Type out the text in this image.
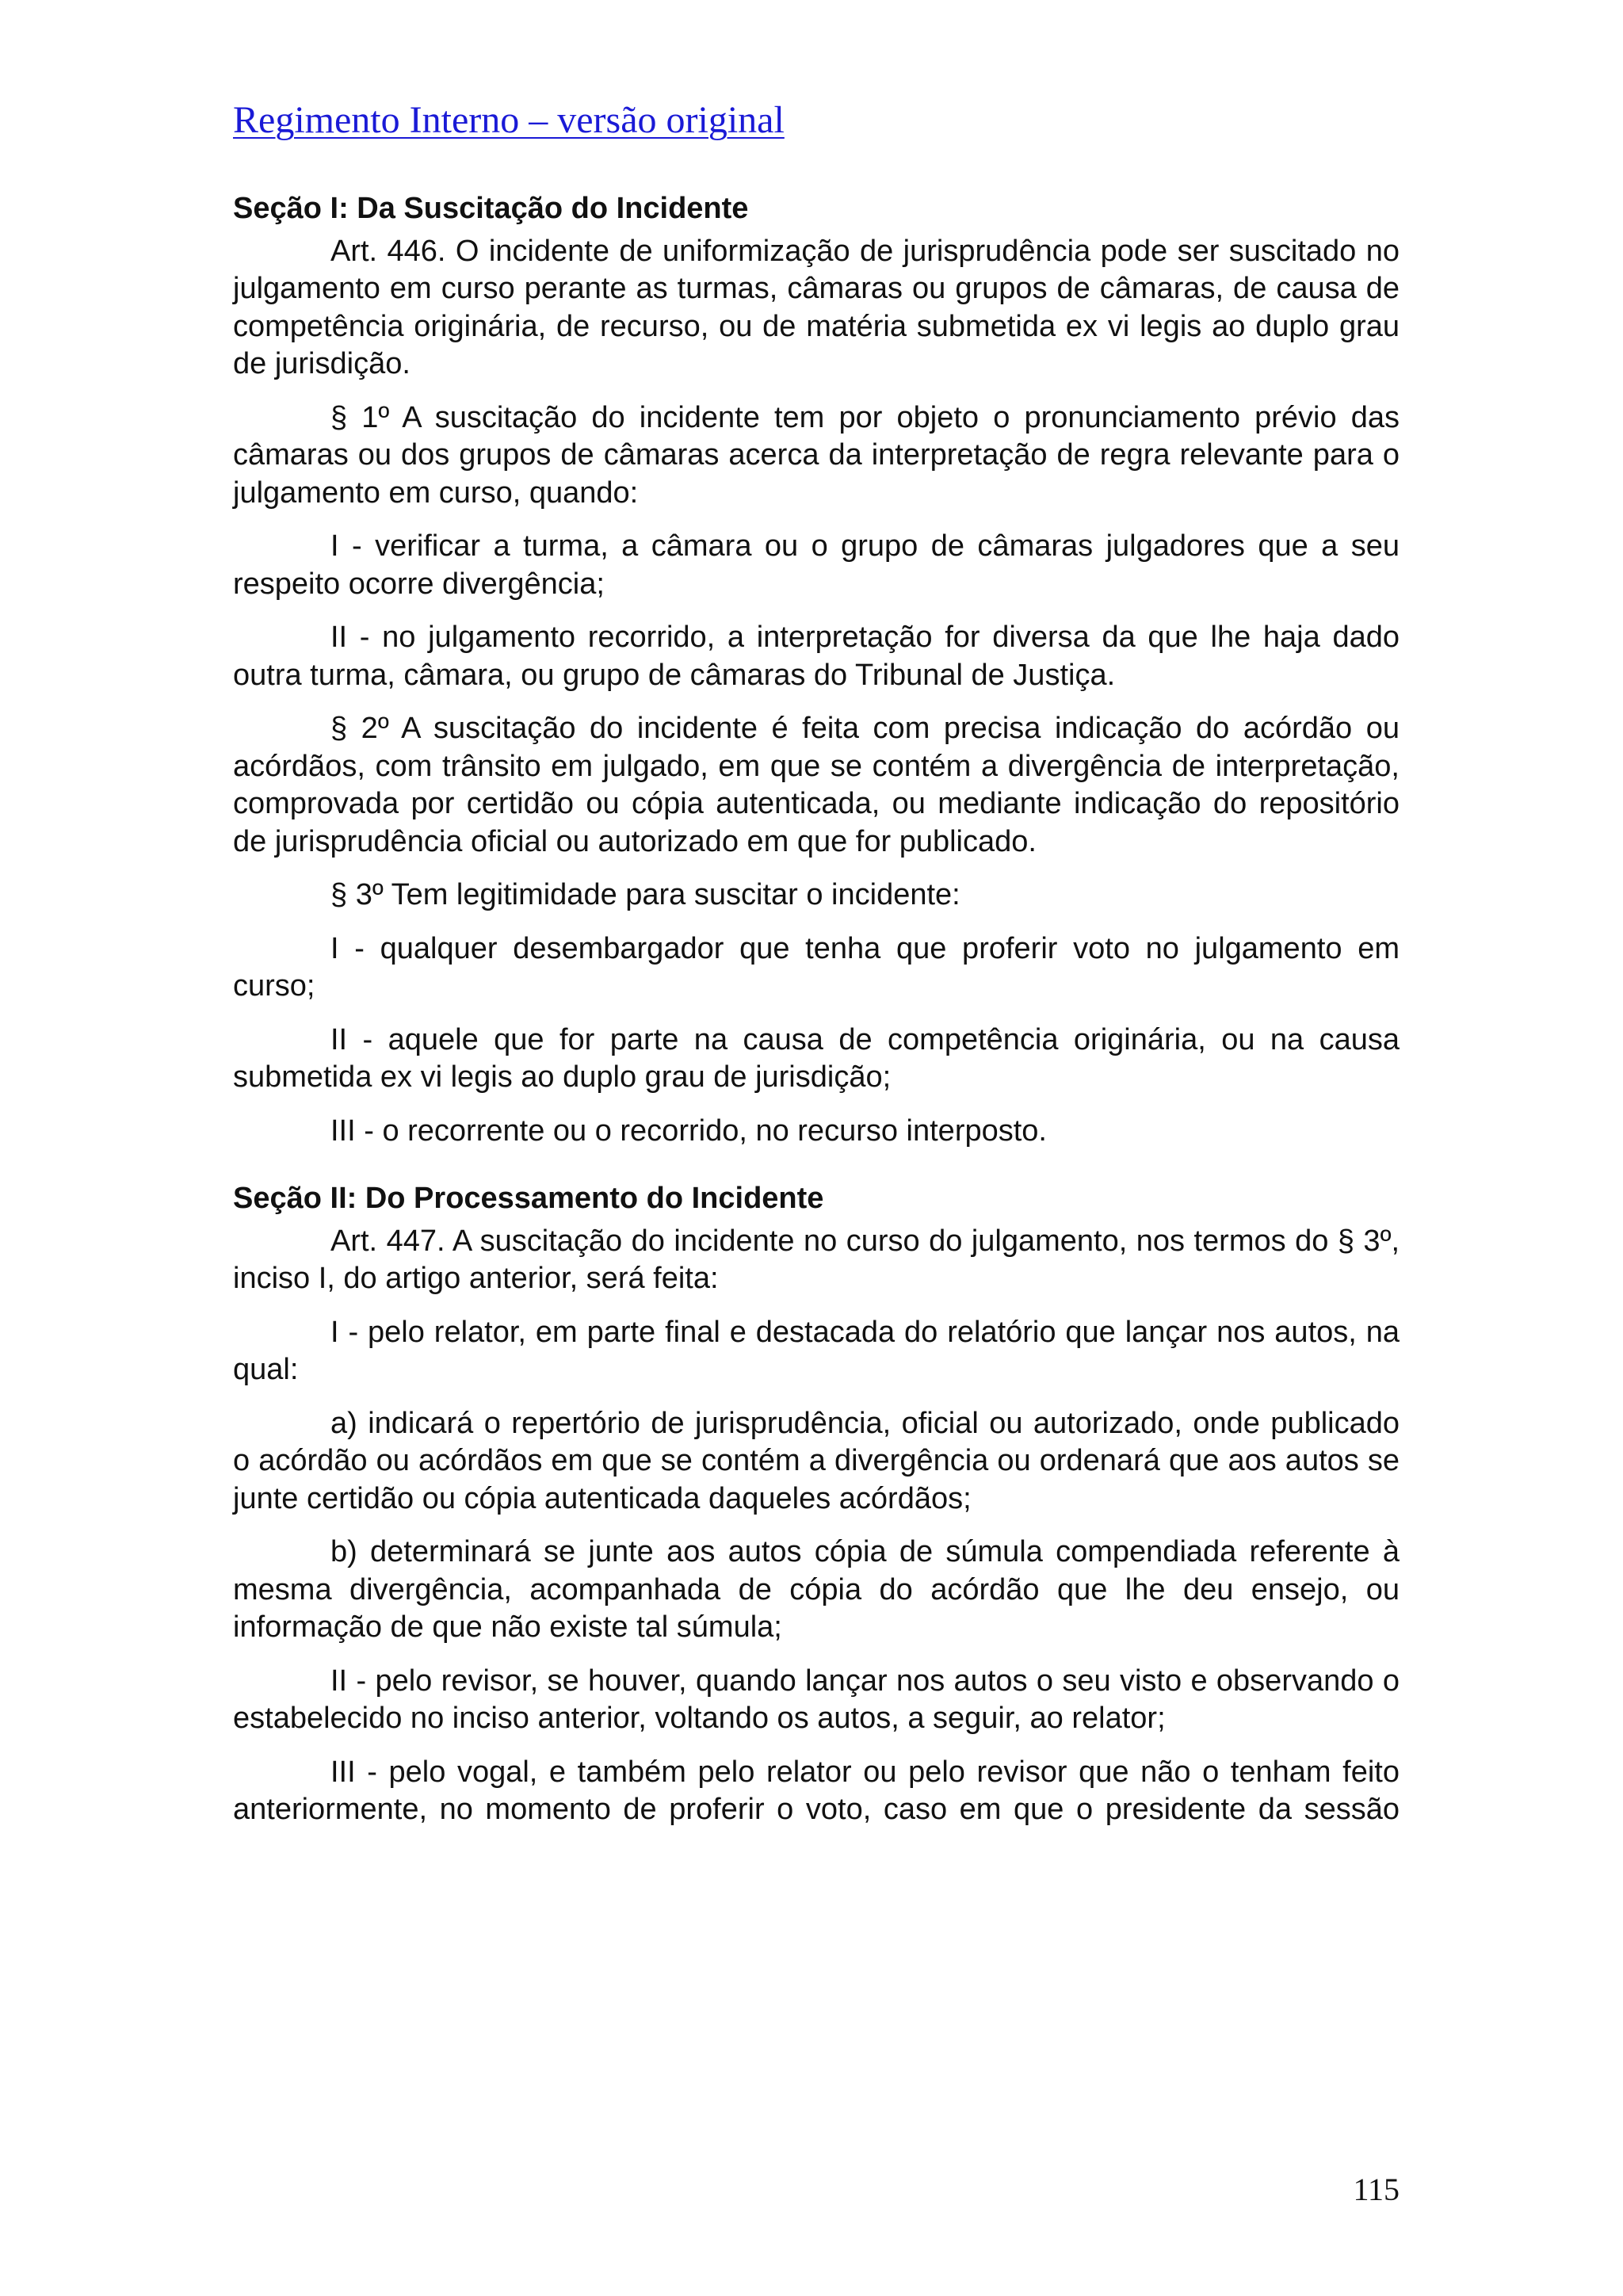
Regimento Interno – versão original
Seção I: Da Suscitação do Incidente

Art. 446. O incidente de uniformização de jurisprudência pode ser suscitado no julgamento em curso perante as turmas, câmaras ou grupos de câmaras, de causa de competência originária, de recurso, ou de matéria submetida ex vi legis ao duplo grau de jurisdição.

§ 1º A suscitação do incidente tem por objeto o pronunciamento prévio das câmaras ou dos grupos de câmaras acerca da interpretação de regra relevante para o julgamento em curso, quando:

I - verificar a turma, a câmara ou o grupo de câmaras julgadores que a seu respeito ocorre divergência;

II - no julgamento recorrido, a interpretação for diversa da que lhe haja dado outra turma, câmara, ou grupo de câmaras do Tribunal de Justiça.

§ 2º A suscitação do incidente é feita com precisa indicação do acórdão ou acórdãos, com trânsito em julgado, em que se contém a divergência de interpretação, comprovada por certidão ou cópia autenticada, ou mediante indicação do repositório de jurisprudência oficial ou autorizado em que for publicado.

§ 3º Tem legitimidade para suscitar o incidente:

I - qualquer desembargador que tenha que proferir voto no julgamento em curso;

II - aquele que for parte na causa de competência originária, ou na causa submetida ex vi legis ao duplo grau de jurisdição;

III - o recorrente ou o recorrido, no recurso interposto.

Seção II: Do Processamento do Incidente

Art. 447. A suscitação do incidente no curso do julgamento, nos termos do § 3º, inciso I, do artigo anterior, será feita:

I - pelo relator, em parte final e destacada do relatório que lançar nos autos, na qual:

a) indicará o repertório de jurisprudência, oficial ou autorizado, onde publicado o acórdão ou acórdãos em que se contém a divergência ou ordenará que aos autos se junte certidão ou cópia autenticada daqueles acórdãos;

b) determinará se junte aos autos cópia de súmula compendiada referente à mesma divergência, acompanhada de cópia do acórdão que lhe deu ensejo, ou informação de que não existe tal súmula;

II - pelo revisor, se houver, quando lançar nos autos o seu visto e observando o estabelecido no inciso anterior, voltando os autos, a seguir, ao relator;

III - pelo vogal, e também pelo relator ou pelo revisor que não o tenham feito anteriormente, no momento de proferir o voto, caso em que o presidente da sessão

115
